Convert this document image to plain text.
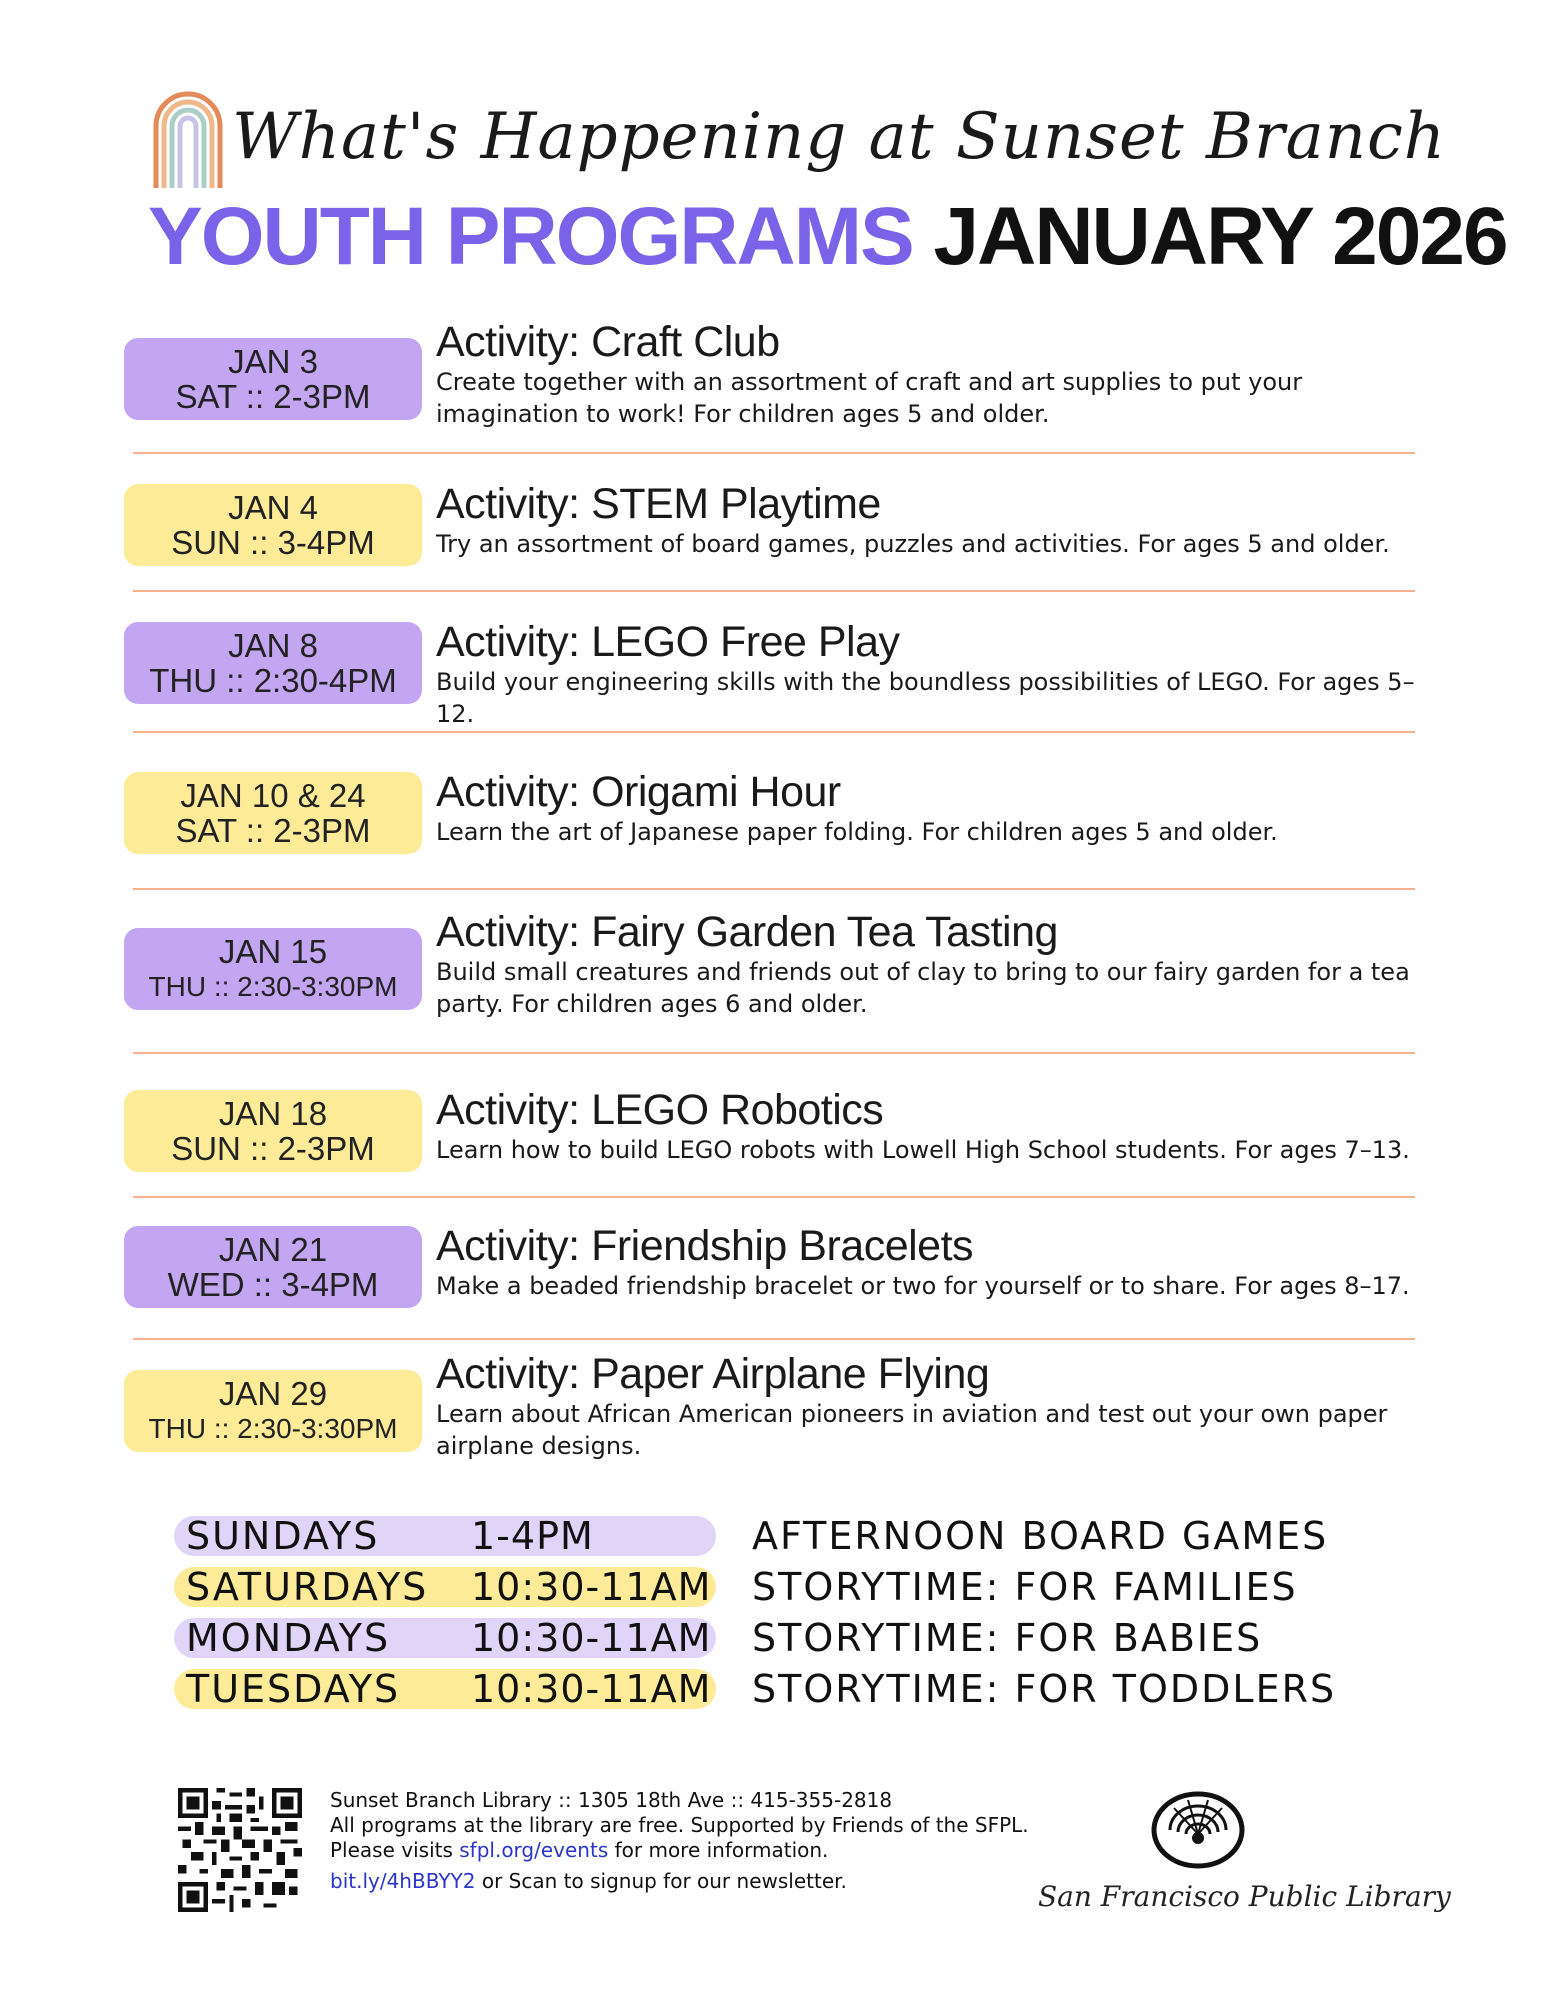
What's Happening at Sunset Branch
YOUTH PROGRAMS JANUARY 2026
JAN 3
SAT :: 2-3PM
Activity: Craft Club
Create together with an assortment of craft and art supplies to put your imagination to work! For children ages 5 and older.
JAN 4
SUN :: 3-4PM
Activity: STEM Playtime
Try an assortment of board games, puzzles and activities. For ages 5 and older.
JAN 8
THU :: 2:30-4PM
Activity: LEGO Free Play
Build your engineering skills with the boundless possibilities of LEGO. For ages 5–12.
JAN 10 & 24
SAT :: 2-3PM
Activity: Origami Hour
Learn the art of Japanese paper folding. For children ages 5 and older.
JAN 15
THU :: 2:30-3:30PM
Activity: Fairy Garden Tea Tasting
Build small creatures and friends out of clay to bring to our fairy garden for a tea party. For children ages 6 and older.
JAN 18
SUN :: 2-3PM
Activity: LEGO Robotics
Learn how to build LEGO robots with Lowell High School students. For ages 7–13.
JAN 21
WED :: 3-4PM
Activity: Friendship Bracelets
Make a beaded friendship bracelet or two for yourself or to share. For ages 8–17.
JAN 29
THU :: 2:30-3:30PM
Activity: Paper Airplane Flying
Learn about African American pioneers in aviation and test out your own paper airplane designs.
SUNDAYS 1-4PM	AFTERNOON BOARD GAMES
SATURDAYS 10:30-11AM STORYTIME: FOR FAMILIES
MONDAYS 10:30-11AM STORYTIME: FOR BABIES
TUESDAYS 10:30-11AM STORYTIME: FOR TODDLERS
Sunset Branch Library :: 1305 18th Ave :: 415-355-2818
All programs at the library are free. Supported by Friends of the SFPL.
Please visits sfpl.org/events for more information.
bit.ly/4hBBYY2 or Scan to signup for our newsletter.	San Francisco Public Library
